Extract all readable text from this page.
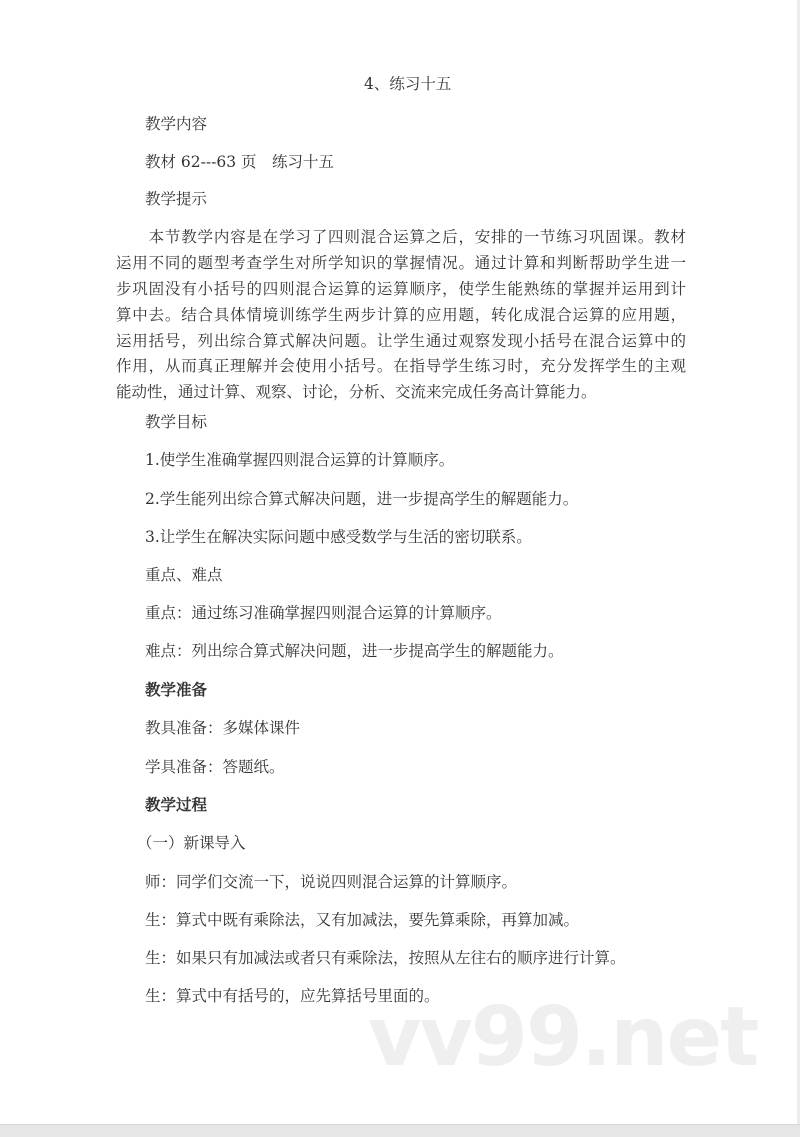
vv99.net
4、练习十五
教学内容
教材 62---63 页　练习十五
教学提示
　　本节教学内容是在学习了四则混合运算之后，安排的一节练习巩固课。教材
运用不同的题型考查学生对所学知识的掌握情况。通过计算和判断帮助学生进一
步巩固没有小括号的四则混合运算的运算顺序，使学生能熟练的掌握并运用到计
算中去。结合具体情境训练学生两步计算的应用题，转化成混合运算的应用题，
运用括号，列出综合算式解决问题。让学生通过观察发现小括号在混合运算中的
作用，从而真正理解并会使用小括号。在指导学生练习时，充分发挥学生的主观
能动性，通过计算、观察、讨论，分析、交流来完成任务高计算能力。
教学目标
1.使学生准确掌握四则混合运算的计算顺序。
2.学生能列出综合算式解决问题，进一步提高学生的解题能力。
3.让学生在解决实际问题中感受数学与生活的密切联系。
重点、难点
重点：通过练习准确掌握四则混合运算的计算顺序。
难点：列出综合算式解决问题，进一步提高学生的解题能力。
教学准备
教具准备：多媒体课件
学具准备：答题纸。
教学过程
（一）新课导入
师：同学们交流一下，说说四则混合运算的计算顺序。
生：算式中既有乘除法，又有加减法，要先算乘除，再算加减。
生：如果只有加减法或者只有乘除法，按照从左往右的顺序进行计算。
生：算式中有括号的，应先算括号里面的。
